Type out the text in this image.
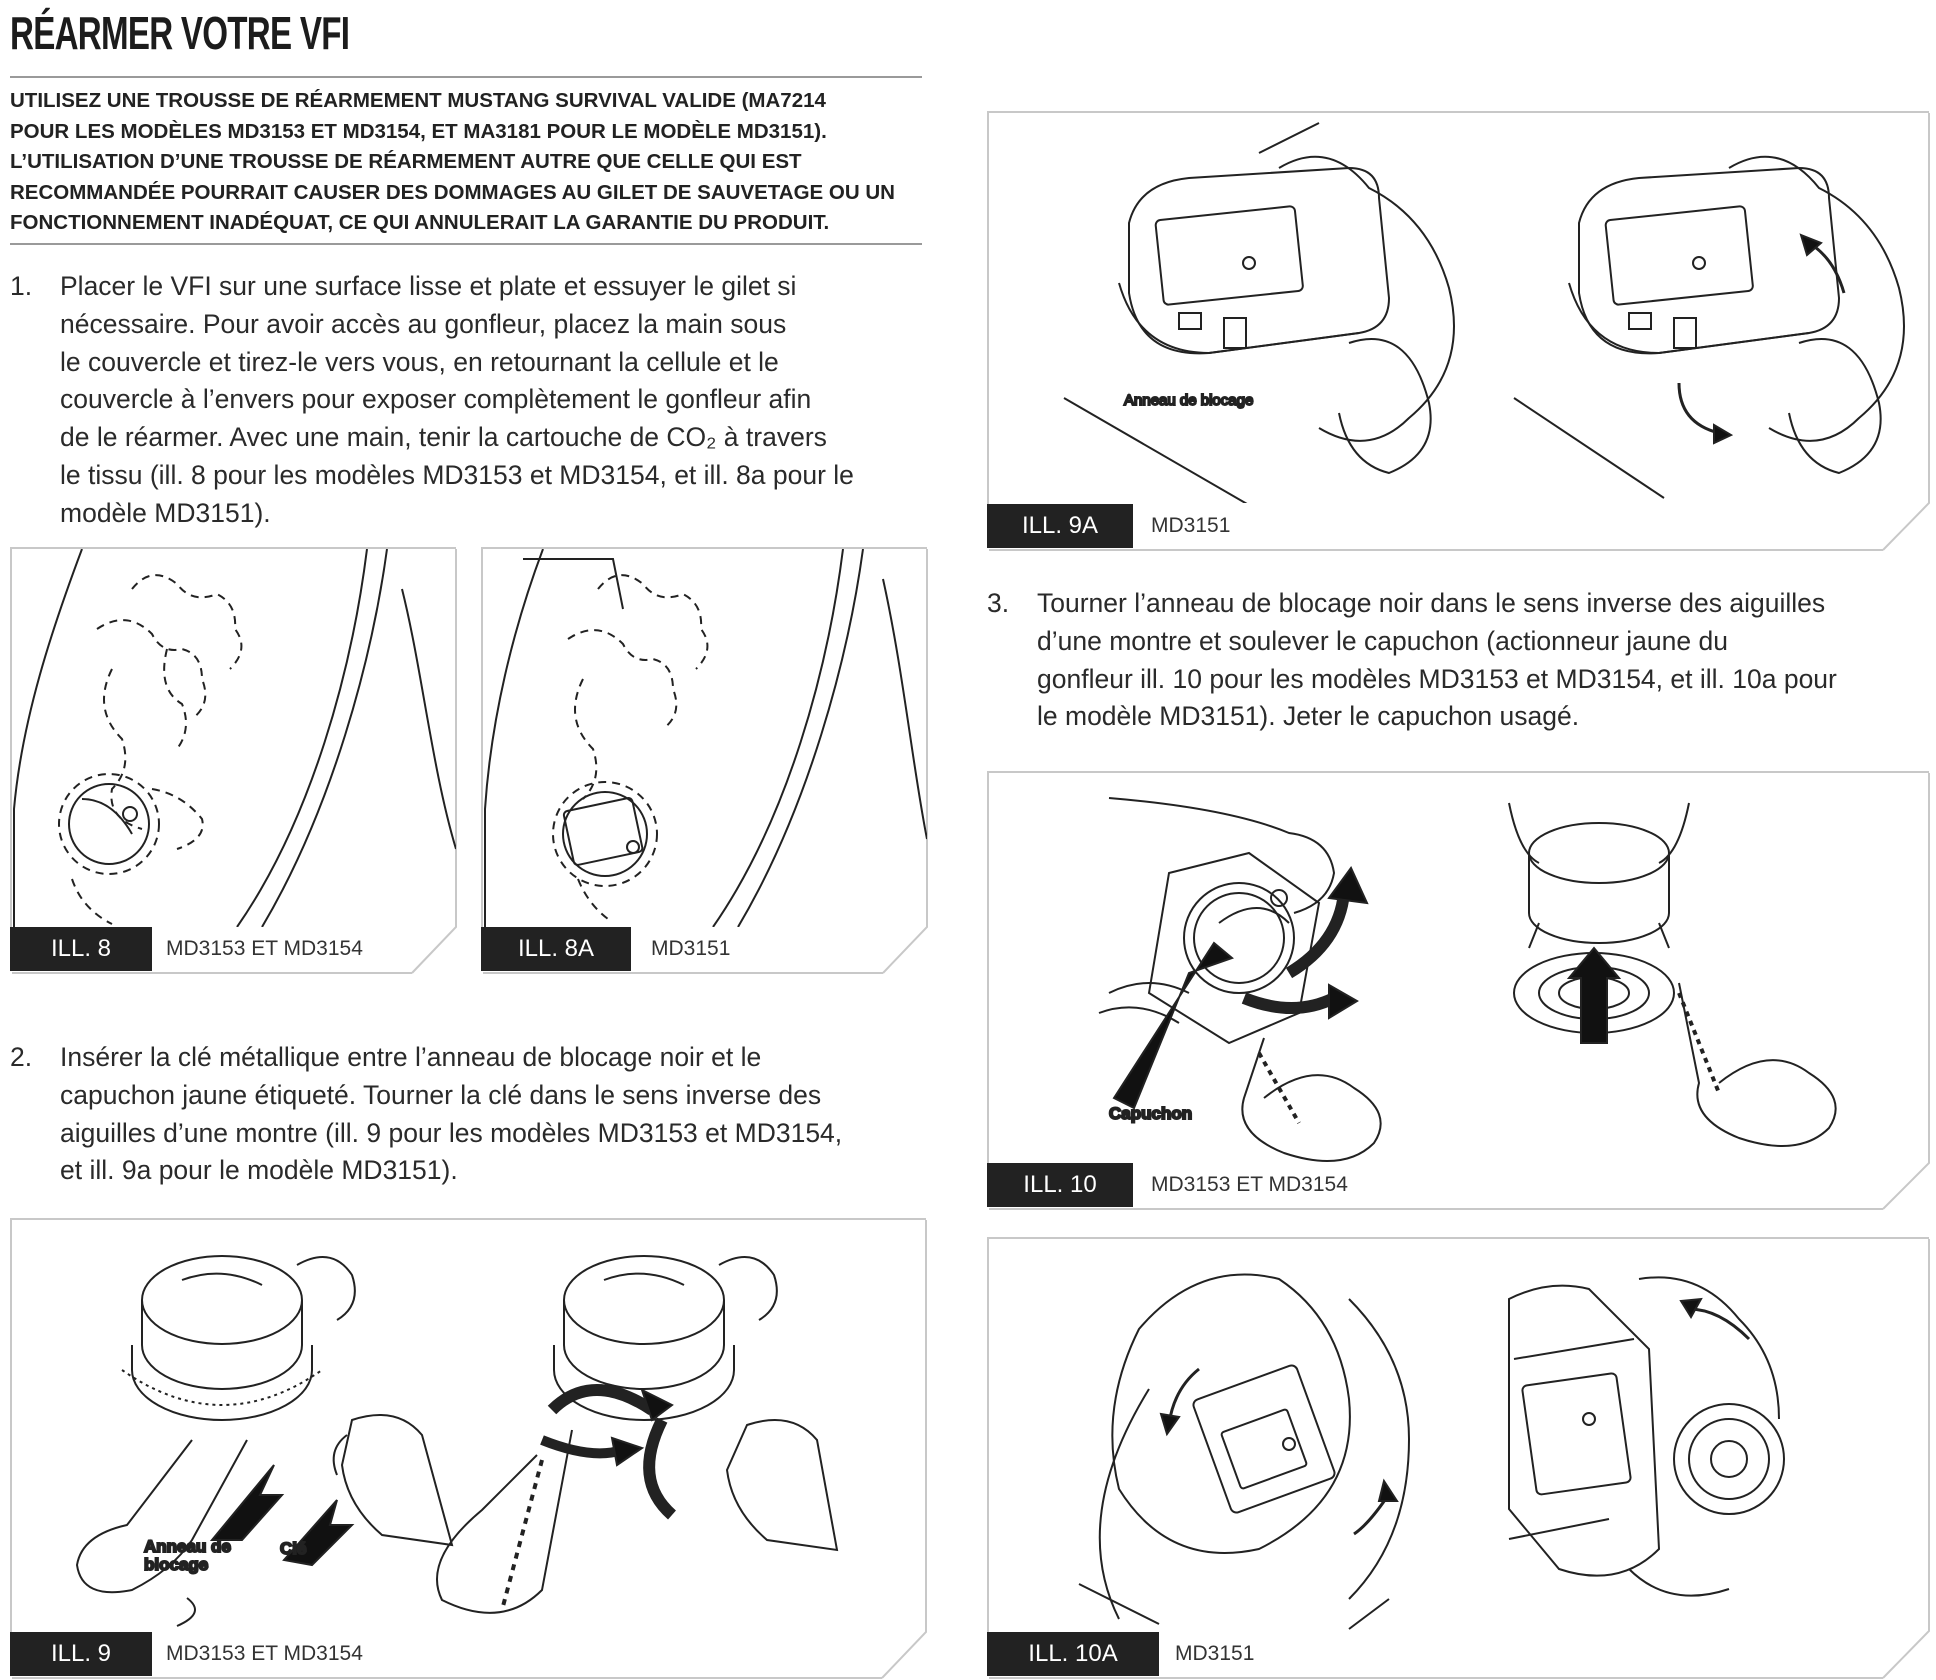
RÉARMER VOTRE VFI
UTILISEZ UNE TROUSSE DE RÉARMEMENT MUSTANG SURVIVAL VALIDE (MA7214
POUR LES MODÈLES MD3153 ET MD3154, ET MA3181 POUR LE MODÈLE MD3151).
L’UTILISATION D’UNE TROUSSE DE RÉARMEMENT AUTRE QUE CELLE QUI EST
RECOMMANDÉE POURRAIT CAUSER DES DOMMAGES AU GILET DE SAUVETAGE OU UN
FONCTIONNEMENT INADÉQUAT, CE QUI ANNULERAIT LA GARANTIE DU PRODUIT.
1. Placer le VFI sur une surface lisse et plate et essuyer le gilet si
nécessaire. Pour avoir accès au gonfleur, placez la main sous
le couvercle et tirez-le vers vous, en retournant la cellule et le
couvercle à l’envers pour exposer complètement le gonfleur afin
de le réarmer. Avec une main, tenir la cartouche de CO₂ à travers
le tissu (ill. 8 pour les modèles MD3153 et MD3154, et ill. 8a pour le
modèle MD3151).
ILL. 8	MD3153 ET MD3154	ILL. 8A	MD3151
2. Insérer la clé métallique entre l’anneau de blocage noir et le
capuchon jaune étiqueté. Tourner la clé dans le sens inverse des
aiguilles d’une montre (ill. 9 pour les modèles MD3153 et MD3154,
et ill. 9a pour le modèle MD3151).
Anneau de
blocage
Clé
ILL. 9	MD3153 ET MD3154
Anneau de blocage
ILL. 9A	MD3151
3. Tourner l’anneau de blocage noir dans le sens inverse des aiguilles
d’une montre et soulever le capuchon (actionneur jaune du
gonfleur ill. 10 pour les modèles MD3153 et MD3154, et ill. 10a pour
le modèle MD3151). Jeter le capuchon usagé.
Capuchon
ILL. 10	MD3153 ET MD3154
ILL. 10A	MD3151
